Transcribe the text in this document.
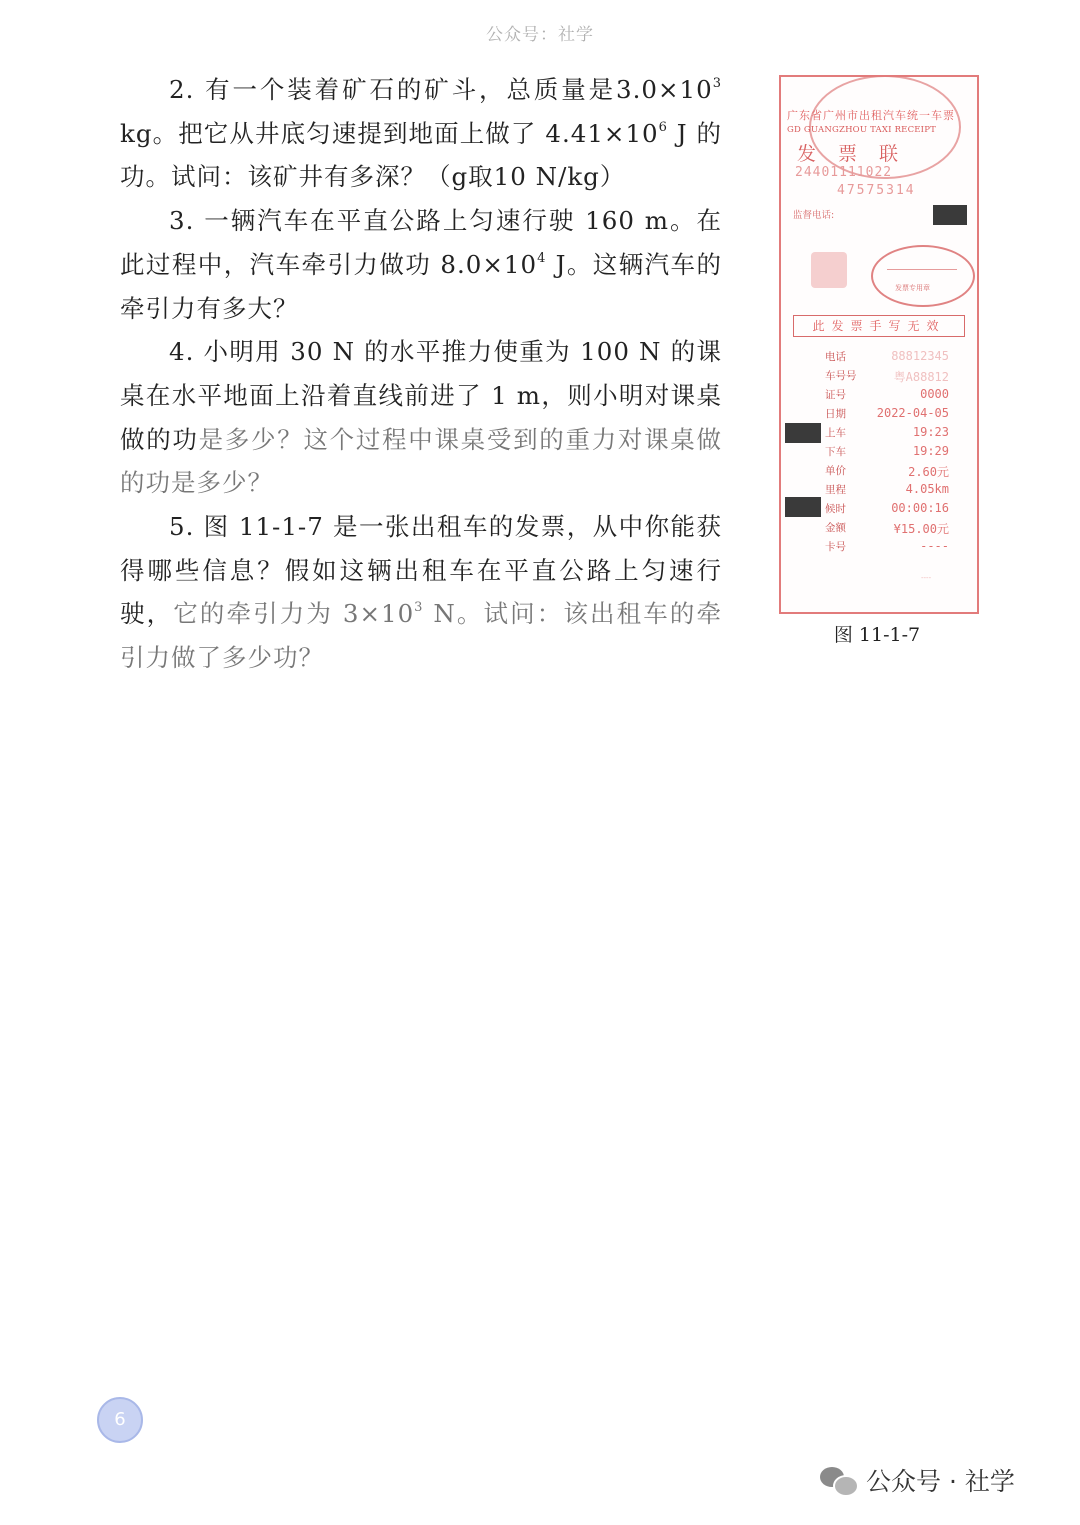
公众号：社学

2. 有一个装着矿石的矿斗，总质量是$3.0\times 10^3$ kg。把它从井底匀速提到地面上做了 $4.41\times 10^6$ J 的功。试问：该矿井有多深？（g取10 N/kg）

3. 一辆汽车在平直公路上匀速行驶 160 m。在此过程中，汽车牵引力做功 $8.0\times 10^4$ J。这辆汽车的牵引力有多大？

4. 小明用 30 N 的水平推力使重为 100 N 的课桌在水平地面上沿着直线前进了 1 m，则小明对课桌做的功是多少？这个过程中课桌受到的重力对课桌做的功是多少？

5. 图 11-1-7 是一张出租车的发票，从中你能获得哪些信息？假如这辆出租车在平直公路上匀速行驶，它的牵引力为 $3\times 10^3$ N。试问：该出租车的牵引力做了多少功？

广东省广州市出租汽车统一车票
GD GUANGZHOU TAXI RECEIPT
发票联
24401111022
47575314
监督电话:
发票专用章
此发票手写无效
电话	88812345
车号号	粤A88812
证号	0000
日期	2022-04-05
上车	19:23
下车	19:29
单价	2.60元
里程	4.05km
候时	00:00:16
金额	¥15.00元
卡号	----
----
图 11-1-7
6
公众号 · 社学
